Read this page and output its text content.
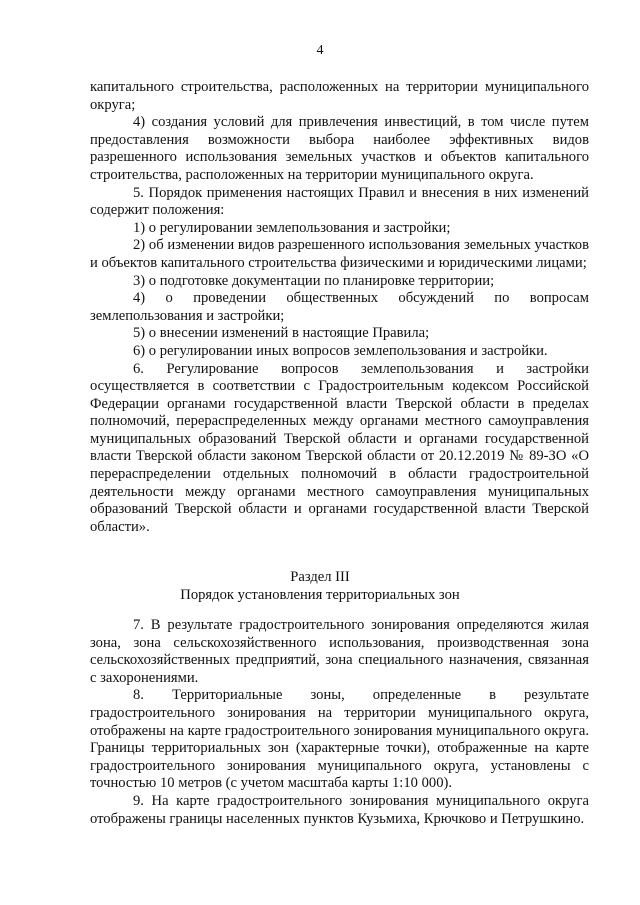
4

капитального строительства, расположенных на территории муниципального округа;

4) создания условий для привлечения инвестиций, в том числе путем предоставления возможности выбора наиболее эффективных видов разрешенного использования земельных участков и объектов капитального строительства, расположенных на территории муниципального округа.

5. Порядок применения настоящих Правил и внесения в них изменений содержит положения:

1) о регулировании землепользования и застройки;

2) об изменении видов разрешенного использования земельных участков и объектов капитального строительства физическими и юридическими лицами;

3) о подготовке документации по планировке территории;

4) о проведении общественных обсуждений по вопросам землепользования и застройки;

5) о внесении изменений в настоящие Правила;

6) о регулировании иных вопросов землепользования и застройки.

6. Регулирование вопросов землепользования и застройки осуществляется в соответствии с Градостроительным кодексом Российской Федерации органами государственной власти Тверской области в пределах полномочий, перераспределенных между органами местного самоуправления муниципальных образований Тверской области и органами государственной власти Тверской области законом Тверской области от 20.12.2019 № 89-ЗО «О перераспределении отдельных полномочий в области градостроительной деятельности между органами местного самоуправления муниципальных образований Тверской области и органами государственной власти Тверской области».

Раздел III
Порядок установления территориальных зон

7. В результате градостроительного зонирования определяются жилая зона, зона сельскохозяйственного использования, производственная зона сельскохозяйственных предприятий, зона специального назначения, связанная с захоронениями.

8. Территориальные зоны, определенные в результате градостроительного зонирования на территории муниципального округа, отображены на карте градостроительного зонирования муниципального округа. Границы территориальных зон (характерные точки), отображенные на карте градостроительного зонирования муниципального округа, установлены с точностью 10 метров (с учетом масштаба карты 1:10 000).

9. На карте градостроительного зонирования муниципального округа отображены границы населенных пунктов Кузьмиха, Крючково и Петрушкино.
